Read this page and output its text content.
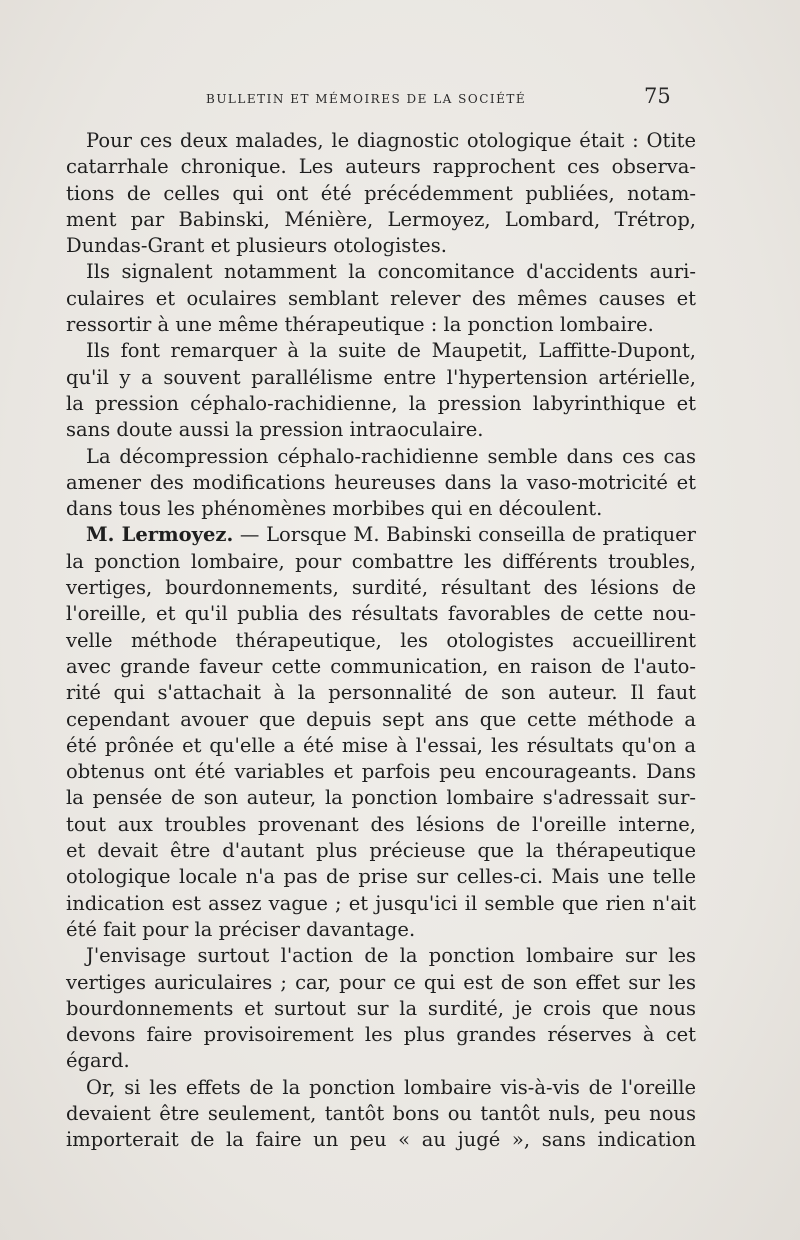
BULLETIN ET MÉMOIRES DE LA SOCIÉTÉ	75
Pour ces deux malades, le diagnostic otologique était : Otite
catarrhale chronique. Les auteurs rapprochent ces observa-
tions de celles qui ont été précédemment publiées, notam-
ment par Babinski, Ménière, Lermoyez, Lombard, Trétrop,
Dundas-Grant et plusieurs otologistes.
Ils signalent notamment la concomitance d'accidents auri-
culaires et oculaires semblant relever des mêmes causes et
ressortir à une même thérapeutique : la ponction lombaire.
Ils font remarquer à la suite de Maupetit, Laffitte-Dupont,
qu'il y a souvent parallélisme entre l'hypertension artérielle,
la pression céphalo-rachidienne, la pression labyrinthique et
sans doute aussi la pression intraoculaire.
La décompression céphalo-rachidienne semble dans ces cas
amener des modifications heureuses dans la vaso-motricité et
dans tous les phénomènes morbibes qui en découlent.
M. Lermoyez. — Lorsque M. Babinski conseilla de pratiquer
la ponction lombaire, pour combattre les différents troubles,
vertiges, bourdonnements, surdité, résultant des lésions de
l'oreille, et qu'il publia des résultats favorables de cette nou-
velle méthode thérapeutique, les otologistes accueillirent
avec grande faveur cette communication, en raison de l'auto-
rité qui s'attachait à la personnalité de son auteur. Il faut
cependant avouer que depuis sept ans que cette méthode a
été prônée et qu'elle a été mise à l'essai, les résultats qu'on a
obtenus ont été variables et parfois peu encourageants. Dans
la pensée de son auteur, la ponction lombaire s'adressait sur-
tout aux troubles provenant des lésions de l'oreille interne,
et devait être d'autant plus précieuse que la thérapeutique
otologique locale n'a pas de prise sur celles-ci. Mais une telle
indication est assez vague ; et jusqu'ici il semble que rien n'ait
été fait pour la préciser davantage.
J'envisage surtout l'action de la ponction lombaire sur les
vertiges auriculaires ; car, pour ce qui est de son effet sur les
bourdonnements et surtout sur la surdité, je crois que nous
devons faire provisoirement les plus grandes réserves à cet
égard.
Or, si les effets de la ponction lombaire vis-à-vis de l'oreille
devaient être seulement, tantôt bons ou tantôt nuls, peu nous
importerait de la faire un peu « au jugé », sans indication
